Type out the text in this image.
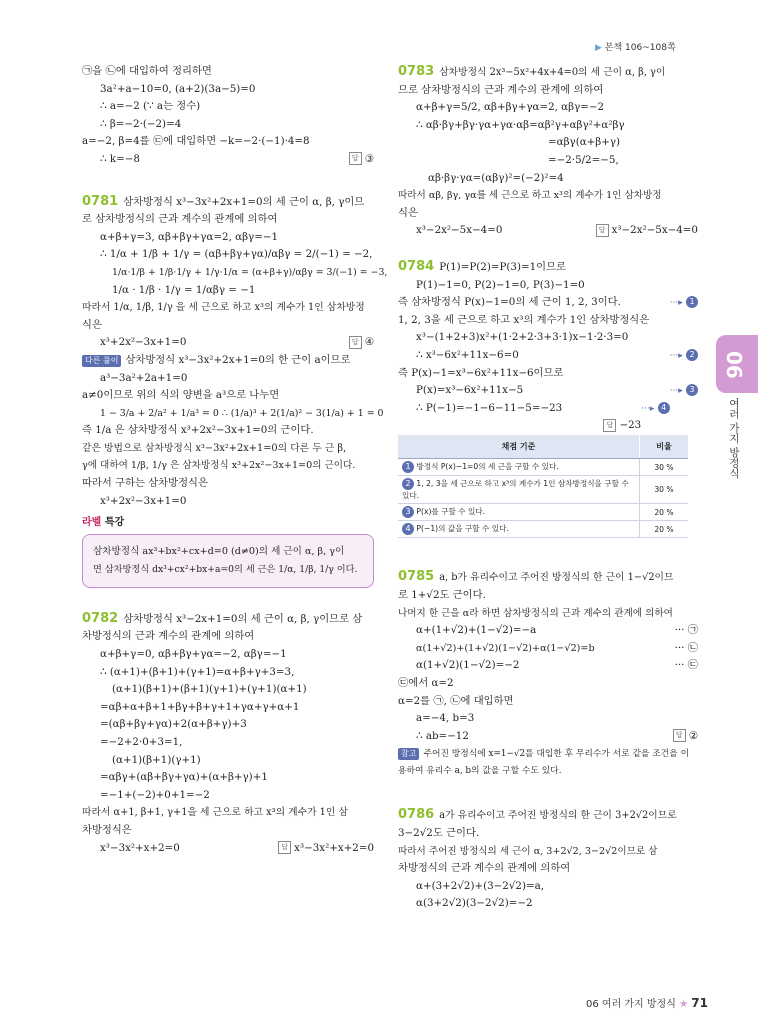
▶ 본책 106~108쪽
06
여러 가지 방정식
㉠을 ㉡에 대입하여 정리하면
3a²+a−10=0, (a+2)(3a−5)=0
∴ a=−2 (∵ a는 정수)
∴ β=−2·(−2)=4
a=−2, β=4를 ㉢에 대입하면 −k=−2·(−1)·4=8
∴ k=−8	답 ③
0781 삼차방정식 x³−3x²+2x+1=0의 세 근이 α, β, γ이므
로 삼차방정식의 근과 계수의 관계에 의하여
α+β+γ=3, αβ+βγ+γα=2, αβγ=−1
∴ 1/α + 1/β + 1/γ = (αβ+βγ+γα)/αβγ = 2/(−1) = −2,
1/α·1/β + 1/β·1/γ + 1/γ·1/α = (α+β+γ)/αβγ = 3/(−1) = −3,
1/α · 1/β · 1/γ = 1/αβγ = −1
따라서 1/α, 1/β, 1/γ 을 세 근으로 하고 x³의 계수가 1인 삼차방정
식은
x³+2x²−3x+1=0	답 ④
다른 풀이 삼차방정식 x³−3x²+2x+1=0의 한 근이 a이므로
a³−3a²+2a+1=0
a≠0이므로 위의 식의 양변을 a³으로 나누면
1 − 3/a + 2/a² + 1/a³ = 0 ∴ (1/a)³ + 2(1/a)² − 3(1/a) + 1 = 0
즉 1/a 은 삼차방정식 x³+2x²−3x+1=0의 근이다.
같은 방법으로 삼차방정식 x³−3x²+2x+1=0의 다른 두 근 β,
γ에 대하여 1/β, 1/γ 은 삼차방정식 x³+2x²−3x+1=0의 근이다.
따라서 구하는 삼차방정식은
x³+2x²−3x+1=0
라벨 특강
삼차방정식 ax³+bx²+cx+d=0 (d≠0)의 세 근이 α, β, γ이
면 삼차방정식 dx³+cx²+bx+a=0의 세 근은 1/α, 1/β, 1/γ 이다.
0782 삼차방정식 x³−2x+1=0의 세 근이 α, β, γ이므로 삼
차방정식의 근과 계수의 관계에 의하여
α+β+γ=0, αβ+βγ+γα=−2, αβγ=−1
∴ (α+1)+(β+1)+(γ+1)=α+β+γ+3=3,
(α+1)(β+1)+(β+1)(γ+1)+(γ+1)(α+1)
=αβ+α+β+1+βγ+β+γ+1+γα+γ+α+1
=(αβ+βγ+γα)+2(α+β+γ)+3
=−2+2·0+3=1,
(α+1)(β+1)(γ+1)
=αβγ+(αβ+βγ+γα)+(α+β+γ)+1
=−1+(−2)+0+1=−2
따라서 α+1, β+1, γ+1을 세 근으로 하고 x³의 계수가 1인 삼
차방정식은
x³−3x²+x+2=0	답 x³−3x²+x+2=0
0783 삼차방정식 2x³−5x²+4x+4=0의 세 근이 α, β, γ이
므로 삼차방정식의 근과 계수의 관계에 의하여
α+β+γ=5/2, αβ+βγ+γα=2, αβγ=−2
∴ αβ·βγ+βγ·γα+γα·αβ=αβ²γ+αβγ²+α²βγ
=αβγ(α+β+γ)
=−2·5/2=−5,
αβ·βγ·γα=(αβγ)²=(−2)²=4
따라서 αβ, βγ, γα를 세 근으로 하고 x³의 계수가 1인 삼차방정
식은
x³−2x²−5x−4=0	답 x³−2x²−5x−4=0
0784 P(1)=P(2)=P(3)=1이므로
P(1)−1=0, P(2)−1=0, P(3)−1=0
즉 삼차방정식 P(x)−1=0의 세 근이 1, 2, 3이다.	···▸ 1
1, 2, 3을 세 근으로 하고 x³의 계수가 1인 삼차방정식은
x³−(1+2+3)x²+(1·2+2·3+3·1)x−1·2·3=0
∴ x³−6x²+11x−6=0	···▸ 2
즉 P(x)−1=x³−6x²+11x−6이므로
P(x)=x³−6x²+11x−5	···▸ 3
∴ P(−1)=−1−6−11−5=−23	···▸ 4
답 −23
채점 기준	비율
1 방정식 P(x)−1=0의 세 근을 구할 수 있다.	30 %
2 1, 2, 3을 세 근으로 하고 x³의 계수가 1인 삼차방정식을 구할 수 있다.	30 %
3 P(x)를 구할 수 있다.	20 %
4 P(−1)의 값을 구할 수 있다.	20 %
0785 a, b가 유리수이고 주어진 방정식의 한 근이 1−√2이므
로 1+√2도 근이다.
나머지 한 근을 α라 하면 삼차방정식의 근과 계수의 관계에 의하여
α+(1+√2)+(1−√2)=−a	··· ㉠
α(1+√2)+(1+√2)(1−√2)+α(1−√2)=b	··· ㉡
α(1+√2)(1−√2)=−2	··· ㉢
㉢에서 α=2
α=2를 ㉠, ㉡에 대입하면
a=−4, b=3
∴ ab=−12	답 ②
참고 주어진 방정식에 x=1−√2를 대입한 후 무리수가 서로 같을 조건을 이
용하여 유리수 a, b의 값을 구할 수도 있다.
0786 a가 유리수이고 주어진 방정식의 한 근이 3+2√2이므로
3−2√2도 근이다.
따라서 주어진 방정식의 세 근이 α, 3+2√2, 3−2√2이므로 삼
차방정식의 근과 계수의 관계에 의하여
α+(3+2√2)+(3−2√2)=a,
α(3+2√2)(3−2√2)=−2
06 여러 가지 방정식 ★ 71
